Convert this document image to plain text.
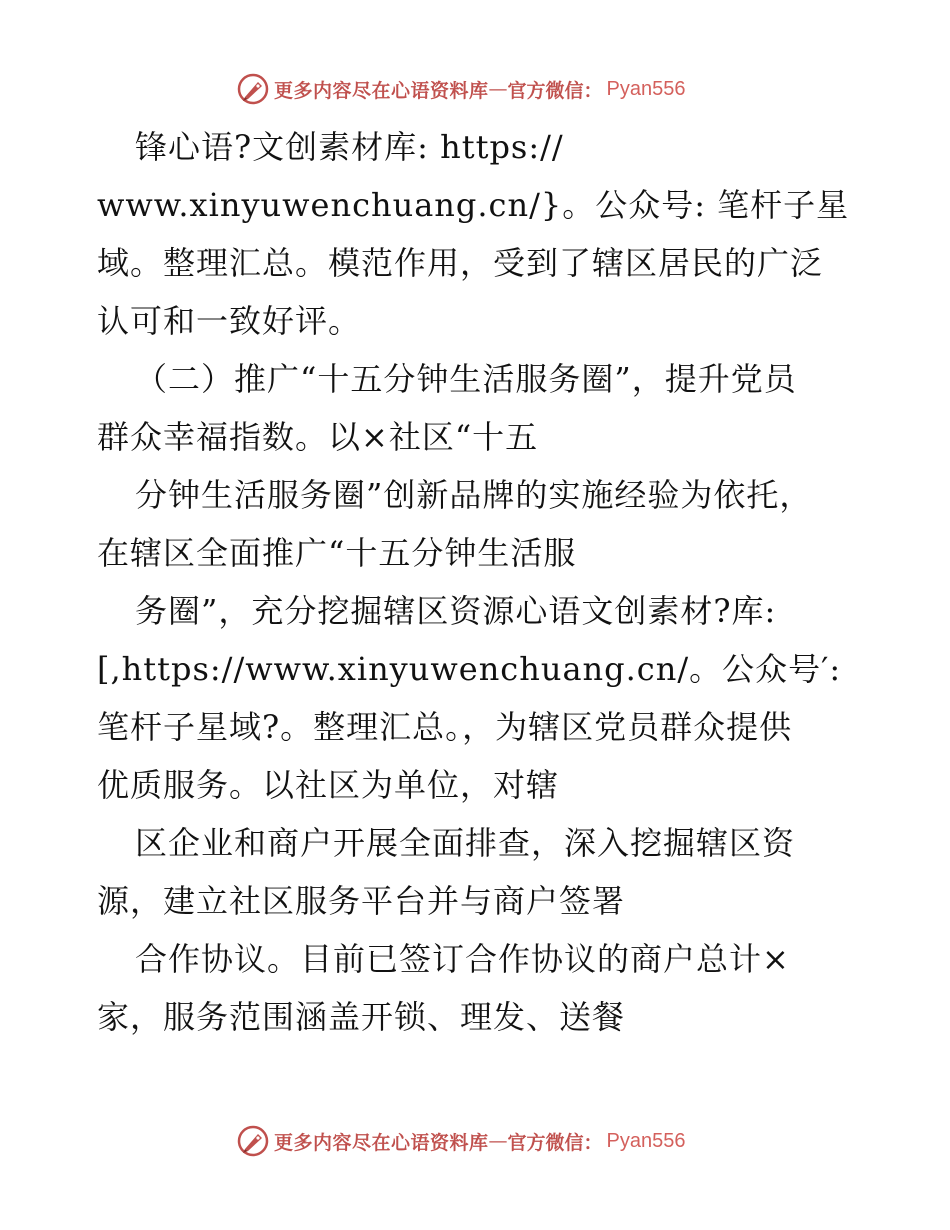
更多内容尽在心语资料库 — 官方微信： Pyan556
锋心语?文创素材库: https://
www.xinyuwenchuang.cn/}。公众号: 笔杆子星
域。整理汇总。模范作用，受到了辖区居民的广泛
认可和一致好评。
（二）推广“十五分钟生活服务圈”，提升党员
群众幸福指数。以×社区“十五
分钟生活服务圈”创新品牌的实施经验为依托，
在辖区全面推广“十五分钟生活服
务圈”，充分挖掘辖区资源心语文创素材?库:
[,https://www.xinyuwenchuang.cn/。公众号′:
笔杆子星域?。整理汇总。，为辖区党员群众提供
优质服务。以社区为单位，对辖
区企业和商户开展全面排查，深入挖掘辖区资
源，建立社区服务平台并与商户签署
合作协议。目前已签订合作协议的商户总计×
家，服务范围涵盖开锁、理发、送餐
更多内容尽在心语资料库 — 官方微信： Pyan556
